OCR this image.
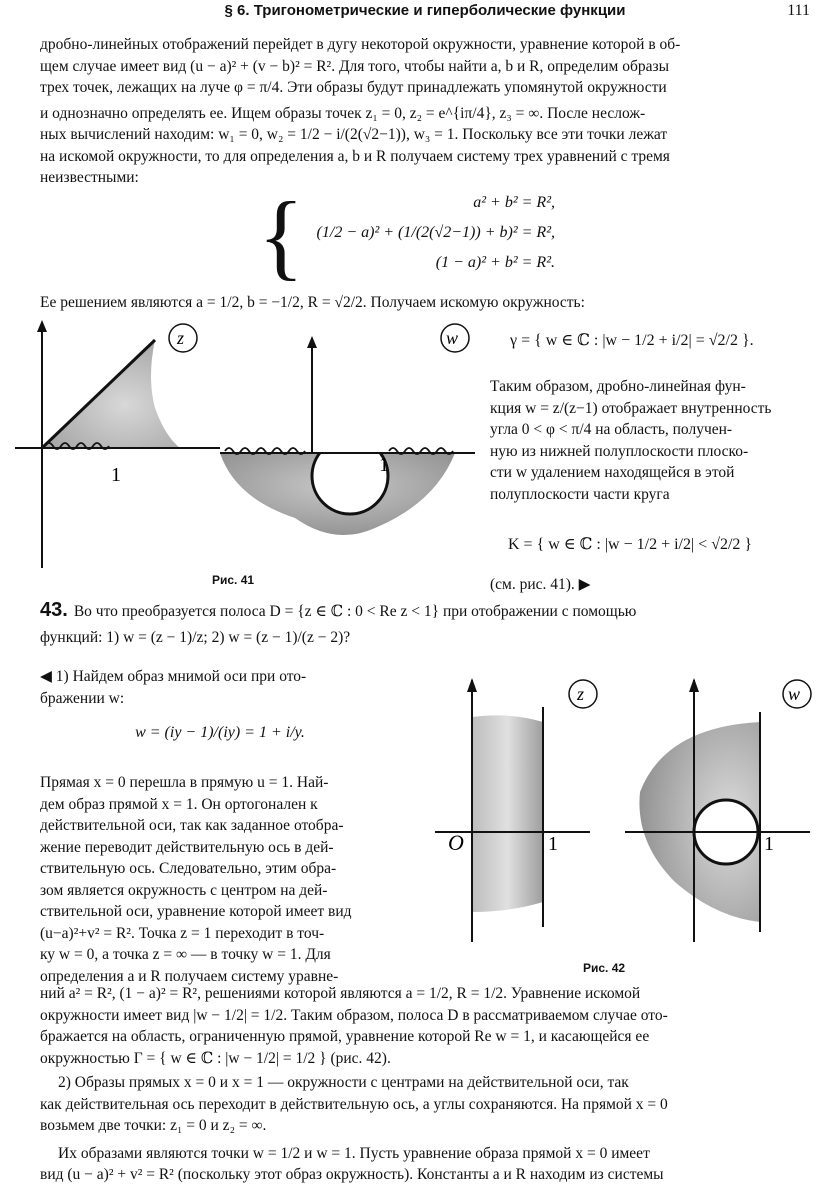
§ 6. Тригонометрические и гиперболические функции	111

дробно-линейных отображений перейдет в дугу некоторой окружности, уравнение которой в об-

щем случае имеет вид (u − a)² + (v − b)² = R². Для того, чтобы найти a, b и R, определим образы

трех точек, лежащих на луче φ = π/4. Эти образы будут принадлежать упомянутой окружности

и однозначно определять ее. Ищем образы точек z₁ = 0, z₂ = e^{iπ/4}, z₃ = ∞. После неслож-

ных вычислений находим: w₁ = 0, w₂ = 1/2 − i/(2(√2−1)), w₃ = 1. Поскольку все эти точки лежат

на искомой окружности, то для определения a, b и R получаем систему трех уравнений с тремя

неизвестными:

{	a² + b² = R²,
(1/2 − a)² + (1/(2(√2−1)) + b)² = R²,
(1 − a)² + b² = R².
Ее решением являются a = 1/2, b = −1/2, R = √2/2. Получаем искомую окружность:
1
z
1
w
Рис. 41
γ = { w ∈ ℂ : |w − 1/2 + i/2| = √2/2 }.

Таким образом, дробно-линейная фун-

кция w = z/(z−1) отображает внутренность

угла 0 < φ < π/4 на область, получен-

ную из нижней полуплоскости плоско-

сти w удалением находящейся в этой

полуплоскости части круга

K = { w ∈ ℂ : |w − 1/2 + i/2| < √2/2 }
(см. рис. 41). ▶

43. Во что преобразуется полоса D = {z ∈ ℂ : 0 < Re z < 1} при отображении с помощью

функций: 1) w = (z − 1)/z; 2) w = (z − 1)/(z − 2)?

◀ 1) Найдем образ мнимой оси при ото-

бражении w:

w = (iy − 1)/(iy) = 1 + i/y.

Прямая x = 0 перешла в прямую u = 1. Най-

дем образ прямой x = 1. Он ортогонален к

действительной оси, так как заданное отобра-

жение переводит действительную ось в дей-

ствительную ось. Следовательно, этим обра-

зом является окружность с центром на дей-

ствительной оси, уравнение которой имеет вид

(u−a)²+v² = R². Точка z = 1 переходит в точ-

ку w = 0, а точка z = ∞ — в точку w = 1. Для

определения a и R получаем систему уравне-

O	1
z
1
w
Рис. 42

ний a² = R², (1 − a)² = R², решениями которой являются a = 1/2, R = 1/2. Уравнение искомой

окружности имеет вид |w − 1/2| = 1/2. Таким образом, полоса D в рассматриваемом случае ото-

бражается на область, ограниченную прямой, уравнение которой Re w = 1, и касающейся ее

окружностью Γ = { w ∈ ℂ : |w − 1/2| = 1/2 } (рис. 42).

2) Образы прямых x = 0 и x = 1 — окружности с центрами на действительной оси, так

как действительная ось переходит в действительную ось, а углы сохраняются. На прямой x = 0

возьмем две точки: z₁ = 0 и z₂ = ∞.

Их образами являются точки w = 1/2 и w = 1. Пусть уравнение образа прямой x = 0 имеет

вид (u − a)² + v² = R² (поскольку этот образ окружность). Константы a и R находим из системы
